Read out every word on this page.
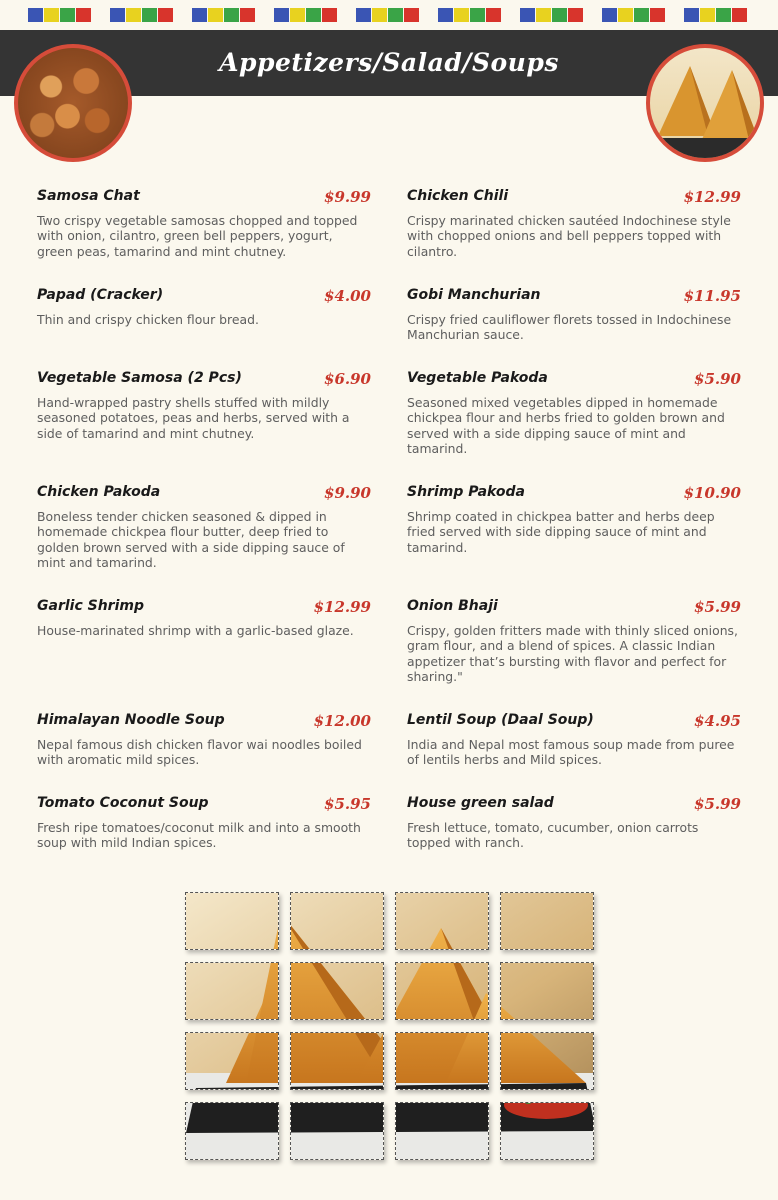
Appetizers/Salad/Soups
Samosa Chat	$9.99

Two crispy vegetable samosas chopped and topped with onion, cilantro, green bell peppers, yogurt, green peas, tamarind and mint chutney.

Papad (Cracker)	$4.00

Thin and crispy chicken flour bread.

Vegetable Samosa (2 Pcs)	$6.90

Hand-wrapped pastry shells stuffed with mildly seasoned potatoes, peas and herbs, served with a side of tamarind and mint chutney.

Chicken Pakoda	$9.90

Boneless tender chicken seasoned & dipped in homemade chickpea flour butter, deep fried to golden brown served with a side dipping sauce of mint and tamarind.

Garlic Shrimp	$12.99

House-marinated shrimp with a garlic-based glaze.

Himalayan Noodle Soup	$12.00

Nepal famous dish chicken flavor wai noodles boiled with aromatic mild spices.

Tomato Coconut Soup	$5.95

Fresh ripe tomatoes/coconut milk and into a smooth soup with mild Indian spices.

Chicken Chili	$12.99

Crispy marinated chicken sautéed Indochinese style with chopped onions and bell peppers topped with cilantro.

Gobi Manchurian	$11.95

Crispy fried cauliflower florets tossed in Indochinese Manchurian sauce.

Vegetable Pakoda	$5.90

Seasoned mixed vegetables dipped in homemade chickpea flour and herbs fried to golden brown and served with a side dipping sauce of mint and tamarind.

Shrimp Pakoda	$10.90

Shrimp coated in chickpea batter and herbs deep fried served with side dipping sauce of mint and tamarind.

Onion Bhaji	$5.99

Crispy, golden fritters made with thinly sliced onions, gram flour, and a blend of spices. A classic Indian appetizer that’s bursting with flavor and perfect for sharing."

Lentil Soup (Daal Soup)	$4.95

India and Nepal most famous soup made from puree of lentils herbs and Mild spices.

House green salad	$5.99

Fresh lettuce, tomato, cucumber, onion carrots topped with ranch.
